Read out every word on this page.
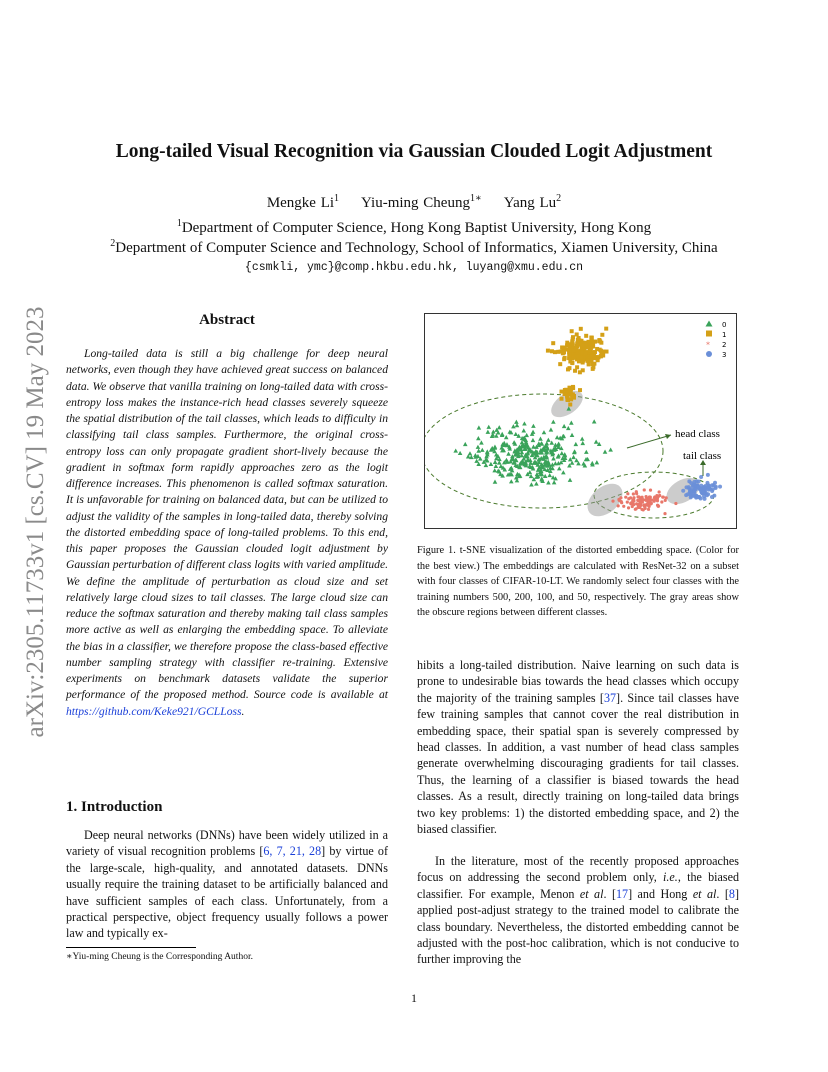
arXiv:2305.11733v1 [cs.CV] 19 May 2023
Long-tailed Visual Recognition via Gaussian Clouded Logit Adjustment
Mengke Li$^1$ Yiu-ming Cheung$^{1∗}$ Yang Lu$^2$
$^1$Department of Computer Science, Hong Kong Baptist University, Hong Kong
$^2$Department of Computer Science and Technology, School of Informatics, Xiamen University, China
{csmkli, ymc}@comp.hkbu.edu.hk, luyang@xmu.edu.cn
Abstract

Long-tailed data is still a big challenge for deep neural networks, even though they have achieved great success on balanced data. We observe that vanilla training on long-tailed data with cross-entropy loss makes the instance-rich head classes severely squeeze the spatial distribution of the tail classes, which leads to difficulty in classifying tail class samples. Furthermore, the original cross-entropy loss can only propagate gradient short-lively because the gradient in softmax form rapidly approaches zero as the logit difference increases. This phenomenon is called softmax saturation. It is unfavorable for training on balanced data, but can be utilized to adjust the validity of the samples in long-tailed data, thereby solving the distorted embedding space of long-tailed problems. To this end, this paper proposes the Gaussian clouded logit adjustment by Gaussian perturbation of different class logits with varied amplitude. We define the amplitude of perturbation as cloud size and set relatively large cloud sizes to tail classes. The large cloud size can reduce the softmax saturation and thereby making tail class samples more active as well as enlarging the embedding space. To alleviate the bias in a classifier, we therefore propose the class-based effective number sampling strategy with classifier re-training. Extensive experiments on benchmark datasets validate the superior performance of the proposed method. Source code is available at https://github.com/Keke921/GCLLoss.

1. Introduction

Deep neural networks (DNNs) have been widely utilized in a variety of visual recognition problems [6, 7, 21, 28] by virtue of the large-scale, high-quality, and annotated datasets. DNNs usually require the training dataset to be artificially balanced and have sufficient samples of each class. Unfortunately, from a practical perspective, object frequency usually follows a power law and typically ex-

∗Yiu-ming Cheung is the Corresponding Author.
0
1
* 2
3
head class
tail class

Figure 1. t-SNE visualization of the distorted embedding space. (Color for the best view.) The embeddings are calculated with ResNet-32 on a subset with four classes of CIFAR-10-LT. We randomly select four classes with the training numbers 500, 200, 100, and 50, respectively. The gray areas show the obscure regions between different classes.

hibits a long-tailed distribution. Naive learning on such data is prone to undesirable bias towards the head classes which occupy the majority of the training samples [37]. Since tail classes have few training samples that cannot cover the real distribution in embedding space, their spatial span is severely compressed by head classes. In addition, a vast number of head class samples generate overwhelming discouraging gradients for tail classes. Thus, the learning of a classifier is biased towards the head classes. As a result, directly training on long-tailed data brings two key problems: 1) the distorted embedding space, and 2) the biased classifier.

In the literature, most of the recently proposed approaches focus on addressing the second problem only, i.e., the biased classifier. For example, Menon et al. [17] and Hong et al. [8] applied post-adjust strategy to the trained model to calibrate the class boundary. Nevertheless, the distorted embedding cannot be adjusted with the post-hoc calibration, which is not conducive to further improving the

1
